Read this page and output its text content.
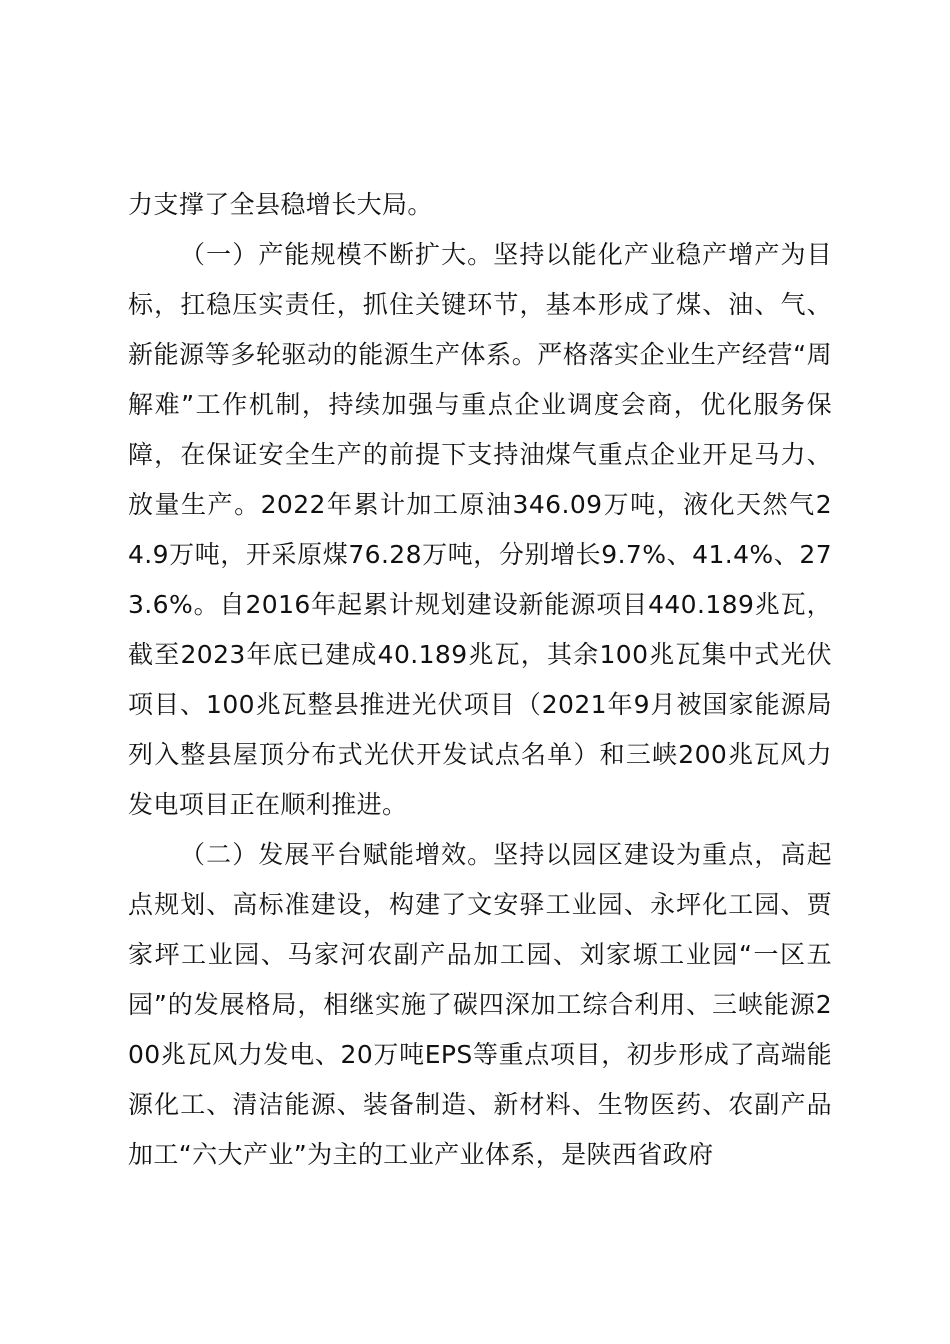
力支撑了全县稳增长大局。

（一）产能规模不断扩大。坚持以能化产业稳产增产为目标，扛稳压实责任，抓住关键环节，基本形成了煤、油、气、新能源等多轮驱动的能源生产体系。严格落实企业生产经营“周解难”工作机制，持续加强与重点企业调度会商，优化服务保障，在保证安全生产的前提下支持油煤气重点企业开足马力、放量生产。2022年累计加工原油346.09万吨，液化天然气24.9万吨，开采原煤76.28万吨，分别增长9.7%、41.4%、273.6%。自2016年起累计规划建设新能源项目440.189兆瓦，截至2023年底已建成40.189兆瓦，其余100兆瓦集中式光伏项目、100兆瓦整县推进光伏项目（2021年9月被国家能源局列入整县屋顶分布式光伏开发试点名单）和三峡200兆瓦风力发电项目正在顺利推进。

（二）发展平台赋能增效。坚持以园区建设为重点，高起点规划、高标准建设，构建了文安驿工业园、永坪化工园、贾家坪工业园、马家河农副产品加工园、刘家塬工业园“一区五园”的发展格局，相继实施了碳四深加工综合利用、三峡能源200兆瓦风力发电、20万吨EPS等重点项目，初步形成了高端能源化工、清洁能源、装备制造、新材料、生物医药、农副产品加工“六大产业”为主的工业产业体系，是陕西省政府
